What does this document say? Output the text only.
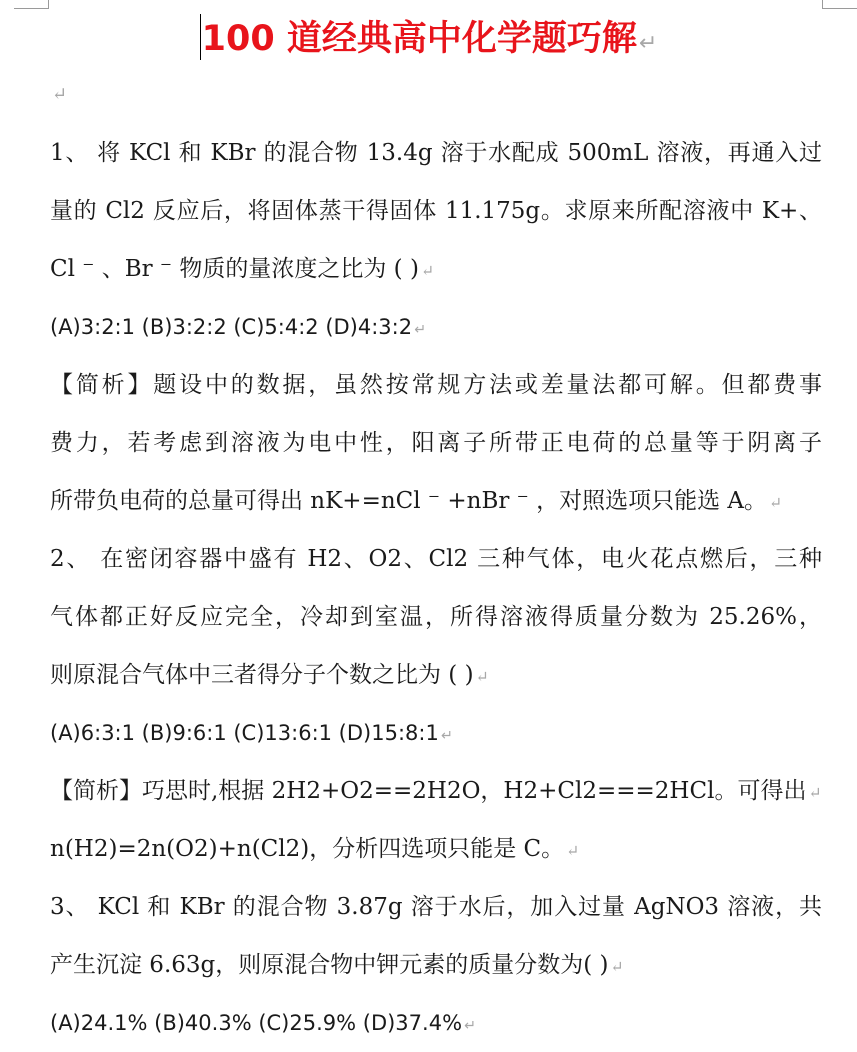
100 道经典高中化学题巧解↵
↵
1、 将 KCl 和 KBr 的混合物 13.4g 溶于水配成 500mL 溶液，再通入过
量的 Cl2 反应后，将固体蒸干得固体 11.175g。求原来所配溶液中 K+、
Cl ⁻ 、Br ⁻ 物质的量浓度之比为 ( ) ↵
(A)3:2:1 (B)3:2:2 (C)5:4:2 (D)4:3:2 ↵
【简析】题设中的数据，虽然按常规方法或差量法都可解。但都费事
费力，若考虑到溶液为电中性，阳离子所带正电荷的总量等于阴离子
所带负电荷的总量可得出 nK+=nCl ⁻ +nBr ⁻ ，对照选项只能选 A。 ↵
2、 在密闭容器中盛有 H2、O2、Cl2 三种气体，电火花点燃后，三种
气体都正好反应完全，冷却到室温，所得溶液得质量分数为 25.26%，
则原混合气体中三者得分子个数之比为 ( ) ↵
(A)6:3:1 (B)9:6:1 (C)13:6:1 (D)15:8:1 ↵
【简析】巧思时,根据 2H2+O2==2H2O，H2+Cl2===2HCl。可得出 ↵
n(H2)=2n(O2)+n(Cl2)，分析四选项只能是 C。 ↵
3、 KCl 和 KBr 的混合物 3.87g 溶于水后，加入过量 AgNO3 溶液，共
产生沉淀 6.63g，则原混合物中钾元素的质量分数为( ) ↵
(A)24.1% (B)40.3% (C)25.9% (D)37.4% ↵
